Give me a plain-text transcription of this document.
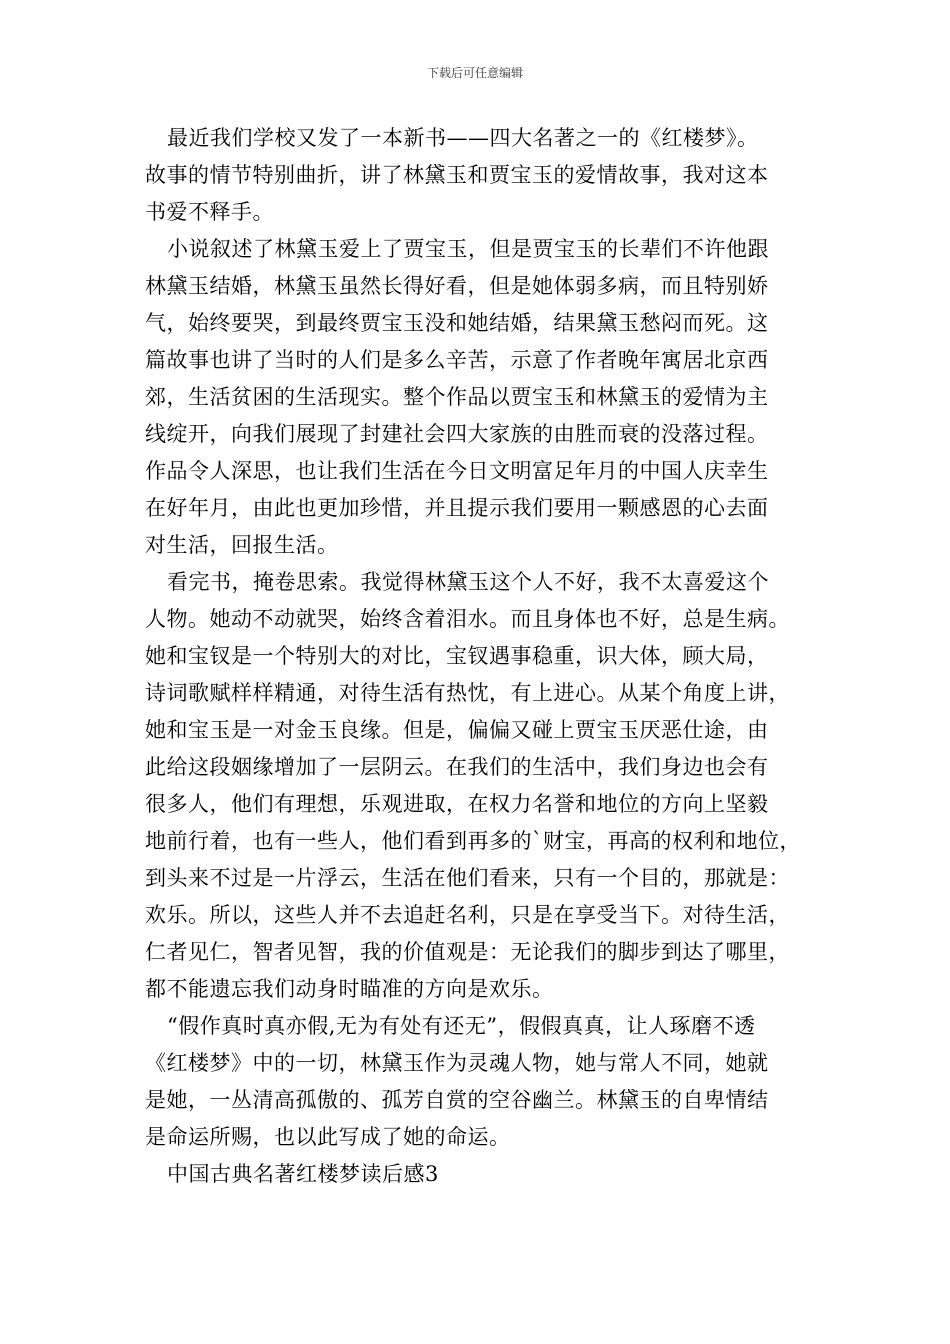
下载后可任意编辑
最近我们学校又发了一本新书——四大名著之一的《红楼梦》。
故事的情节特别曲折，讲了林黛玉和贾宝玉的爱情故事，我对这本
书爱不释手。
小说叙述了林黛玉爱上了贾宝玉，但是贾宝玉的长辈们不许他跟
林黛玉结婚，林黛玉虽然长得好看，但是她体弱多病，而且特别娇
气，始终要哭，到最终贾宝玉没和她结婚，结果黛玉愁闷而死。这
篇故事也讲了当时的人们是多么辛苦，示意了作者晚年寓居北京西
郊，生活贫困的生活现实。整个作品以贾宝玉和林黛玉的爱情为主
线绽开，向我们展现了封建社会四大家族的由胜而衰的没落过程。
作品令人深思，也让我们生活在今日文明富足年月的中国人庆幸生
在好年月，由此也更加珍惜，并且提示我们要用一颗感恩的心去面
对生活，回报生活。
看完书，掩卷思索。我觉得林黛玉这个人不好，我不太喜爱这个
人物。她动不动就哭，始终含着泪水。而且身体也不好，总是生病。
她和宝钗是一个特别大的对比，宝钗遇事稳重，识大体，顾大局，
诗词歌赋样样精通，对待生活有热忱，有上进心。从某个角度上讲，
她和宝玉是一对金玉良缘。但是，偏偏又碰上贾宝玉厌恶仕途，由
此给这段姻缘增加了一层阴云。在我们的生活中，我们身边也会有
很多人，他们有理想，乐观进取，在权力名誉和地位的方向上坚毅
地前行着，也有一些人，他们看到再多的`财宝，再高的权利和地位，
到头来不过是一片浮云，生活在他们看来，只有一个目的，那就是：
欢乐。所以，这些人并不去追赶名利，只是在享受当下。对待生活，
仁者见仁，智者见智，我的价值观是：无论我们的脚步到达了哪里，
都不能遗忘我们动身时瞄准的方向是欢乐。
“假作真时真亦假,无为有处有还无”，假假真真，让人琢磨不透
《红楼梦》中的一切，林黛玉作为灵魂人物，她与常人不同，她就
是她，一丛清高孤傲的、孤芳自赏的空谷幽兰。林黛玉的自卑情结
是命运所赐，也以此写成了她的命运。
中国古典名著红楼梦读后感3
